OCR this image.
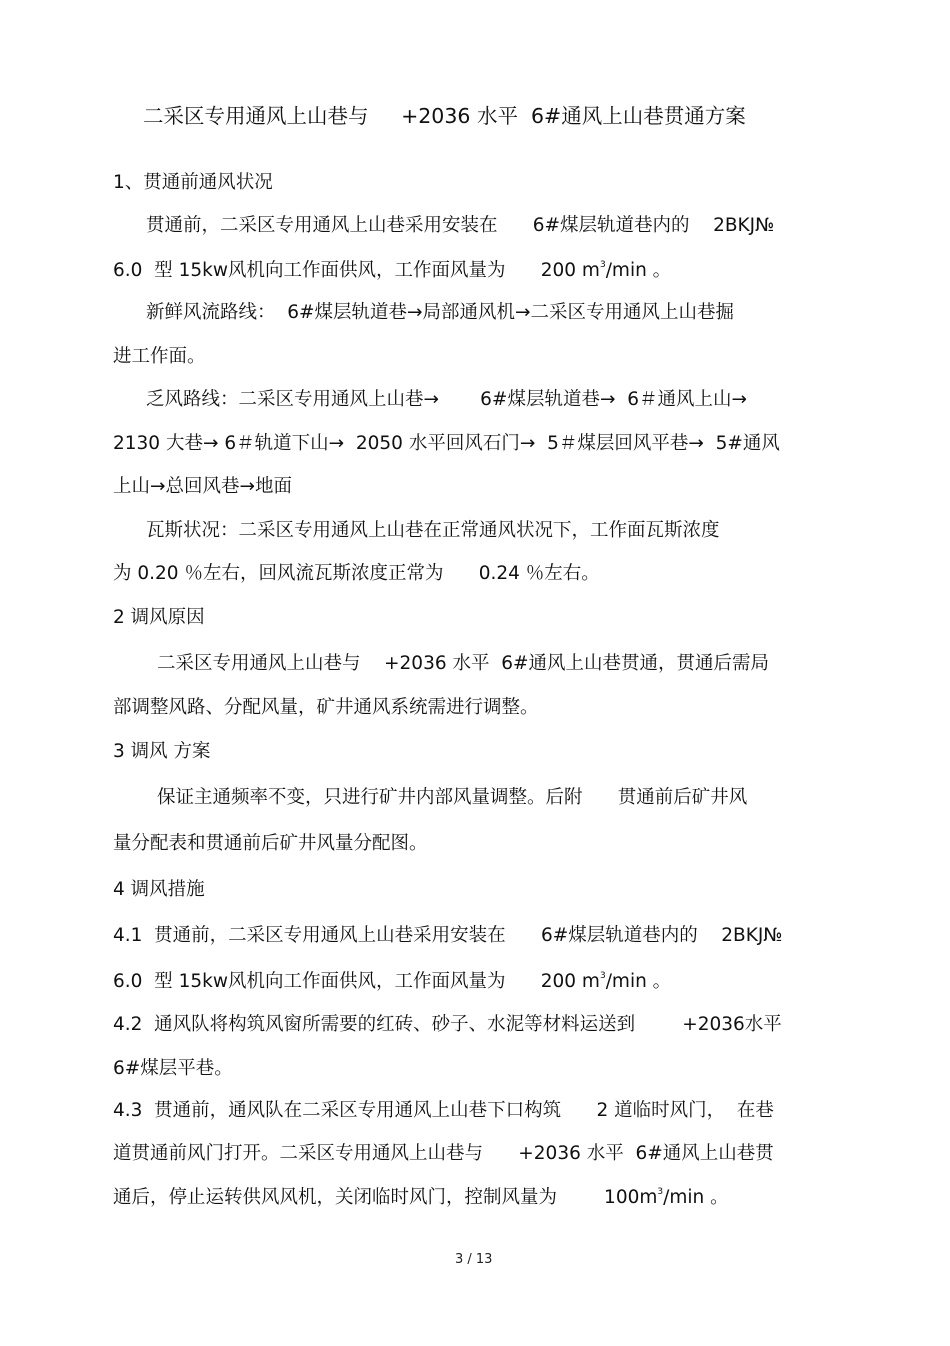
二采区专用通风上山巷与     +2036 水平  6#通风上山巷贯通方案
1、贯通前通风状况
贯通前，二采区专用通风上山巷采用安装在      6#煤层轨道巷内的    2BKJ№
6.0  型 15kw风机向工作面供风，工作面风量为      200 $m^3/\min$ 。
新鲜风流路线：  6#煤层轨道巷→局部通风机→二采区专用通风上山巷掘
进工作面。
乏风路线：二采区专用通风上山巷→       6#煤层轨道巷→  6＃通风上山→
2130 大巷→ 6＃轨道下山→  2050 水平回风石门→  5＃煤层回风平巷→  5#通风
上山→总回风巷→地面
瓦斯状况：二采区专用通风上山巷在正常通风状况下，工作面瓦斯浓度
为 0.20 ％左右，回风流瓦斯浓度正常为      0.24 ％左右。
2 调风原因
二采区专用通风上山巷与    +2036 水平  6#通风上山巷贯通，贯通后需局
部调整风路、分配风量，矿井通风系统需进行调整。
3 调风 方案
保证主通频率不变，只进行矿井内部风量调整。后附      贯通前后矿井风
量分配表和贯通前后矿井风量分配图。
4 调风措施
4.1  贯通前，二采区专用通风上山巷采用安装在      6#煤层轨道巷内的    2BKJ№
6.0  型 15kw风机向工作面供风，工作面风量为      200 $m^3/\min$ 。
4.2  通风队将构筑风窗所需要的红砖、砂子、水泥等材料运送到        +2036水平
6#煤层平巷。
4.3  贯通前，通风队在二采区专用通风上山巷下口构筑      2 道临时风门，  在巷
道贯通前风门打开。二采区专用通风上山巷与      +2036 水平  6#通风上山巷贯
通后，停止运转供风风机，关闭临时风门，控制风量为        $100m^3/\min$ 。
3 / 13
